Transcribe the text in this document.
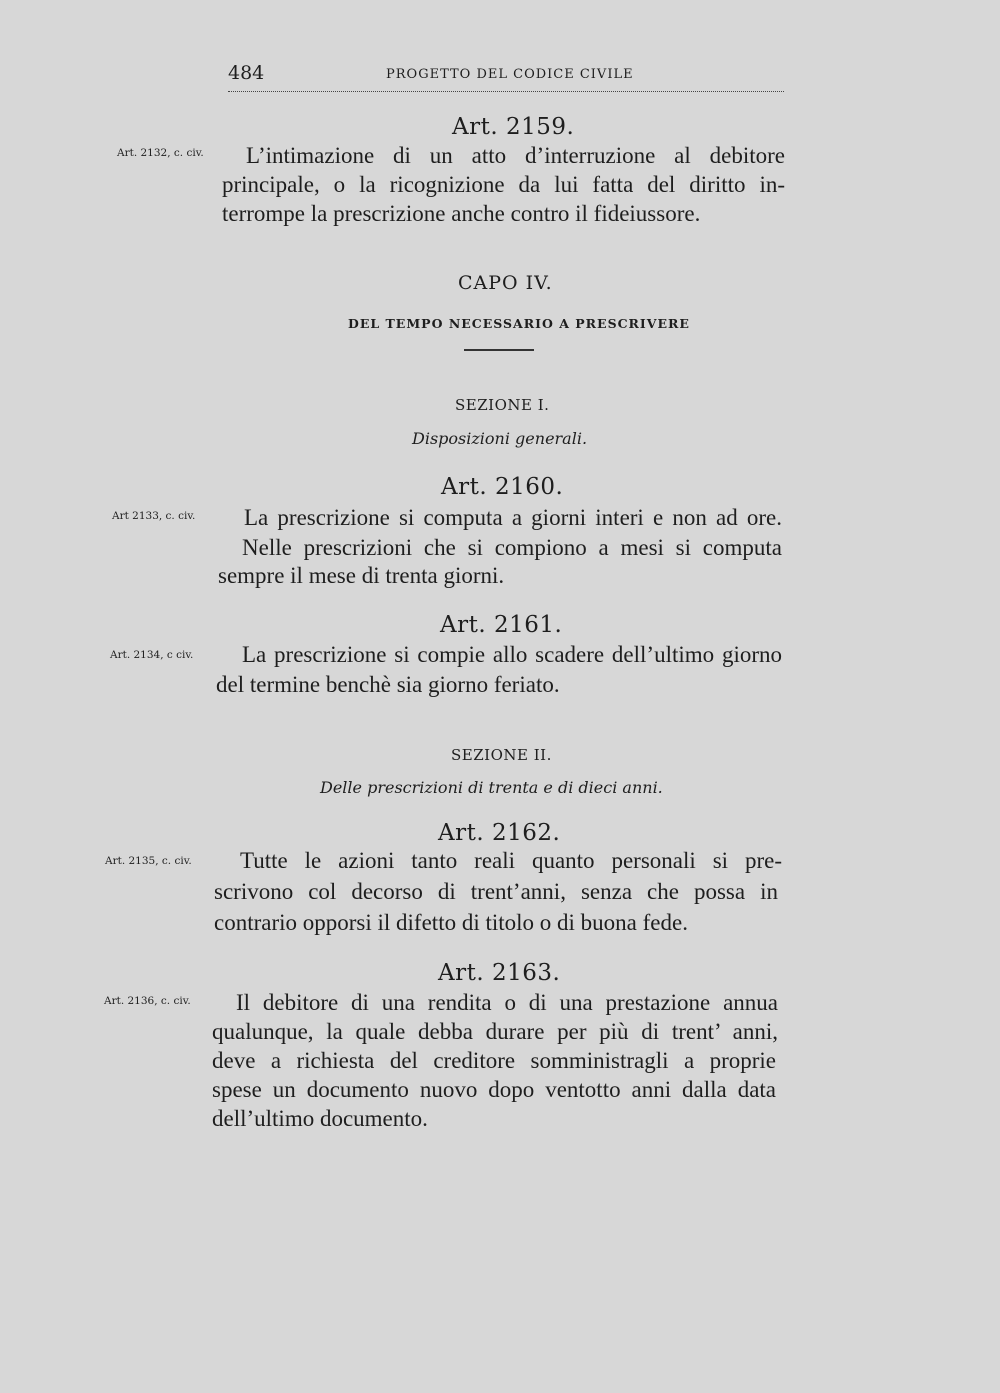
484	PROGETTO DEL CODICE CIVILE
Art. 2159.
Art. 2132, c. civ. L’intimazione di un atto d’interruzione al debitore
principale, o la ricognizione da lui fatta del diritto in-
terrompe la prescrizione anche contro il fideiussore.
CAPO IV.
DEL TEMPO NECESSARIO A PRESCRIVERE
SEZIONE I.
Disposizioni generali.
Art. 2160.
Art 2133, c. civ. La prescrizione si computa a giorni interi e non ad ore.
Nelle prescrizioni che si compiono a mesi si computa
sempre il mese di trenta giorni.
Art. 2161.
Art. 2134, c civ. La prescrizione si compie allo scadere dell’ultimo giorno
del termine benchè sia giorno feriato.
SEZIONE II.
Delle prescrizioni di trenta e di dieci anni.
Art. 2162.
Art. 2135, c. civ. Tutte le azioni tanto reali quanto personali si pre-
scrivono col decorso di trent’anni, senza che possa in
contrario opporsi il difetto di titolo o di buona fede.
Art. 2163.
Art. 2136, c. civ. Il debitore di una rendita o di una prestazione annua
qualunque, la quale debba durare per più di trent’ anni,
deve a richiesta del creditore somministragli a proprie
spese un documento nuovo dopo ventotto anni dalla data
dell’ultimo documento.
